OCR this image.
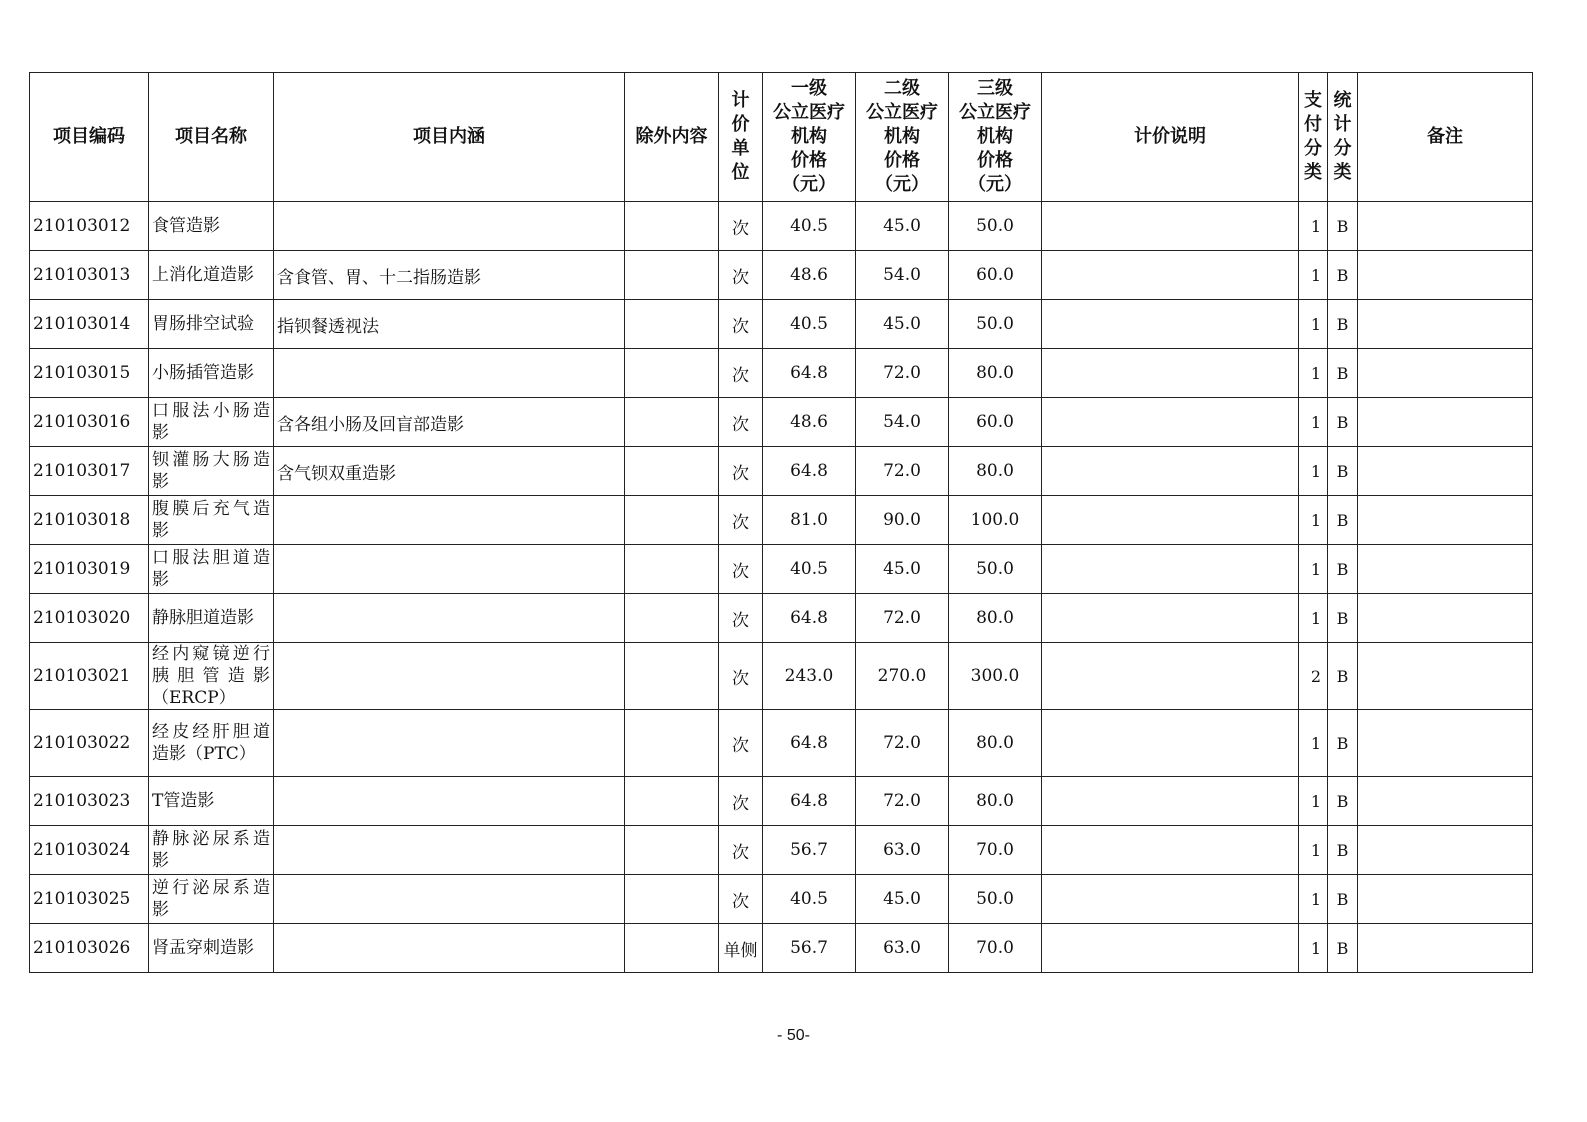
项目编码	项目名称	项目内涵	除外内容	计价单位	一级
公立医疗
机构
价格
（元）	二级
公立医疗
机构
价格
（元）	三级
公立医疗
机构
价格
（元）	计价说明	支付分类	统计分类	备注
210103012	食管造影			次	40.5	45.0	50.0		1	B	
210103013	上消化道造影	含食管、胃、十二指肠造影		次	48.6	54.0	60.0		1	B	
210103014	胃肠排空试验	指钡餐透视法		次	40.5	45.0	50.0		1	B	
210103015	小肠插管造影			次	64.8	72.0	80.0		1	B	
210103016	口服法小肠造影	含各组小肠及回盲部造影		次	48.6	54.0	60.0		1	B	
210103017	钡灌肠大肠造影	含气钡双重造影		次	64.8	72.0	80.0		1	B	
210103018	腹膜后充气造影			次	81.0	90.0	100.0		1	B	
210103019	口服法胆道造影			次	40.5	45.0	50.0		1	B	
210103020	静脉胆道造影			次	64.8	72.0	80.0		1	B	
210103021	经内窥镜逆行胰胆管造影（ERCP）			次	243.0	270.0	300.0		2	B	
210103022	经皮经肝胆道造影（PTC）			次	64.8	72.0	80.0		1	B	
210103023	T管造影			次	64.8	72.0	80.0		1	B	
210103024	静脉泌尿系造影			次	56.7	63.0	70.0		1	B	
210103025	逆行泌尿系造影			次	40.5	45.0	50.0		1	B	
210103026	肾盂穿刺造影			单侧	56.7	63.0	70.0		1	B	
- 50-
